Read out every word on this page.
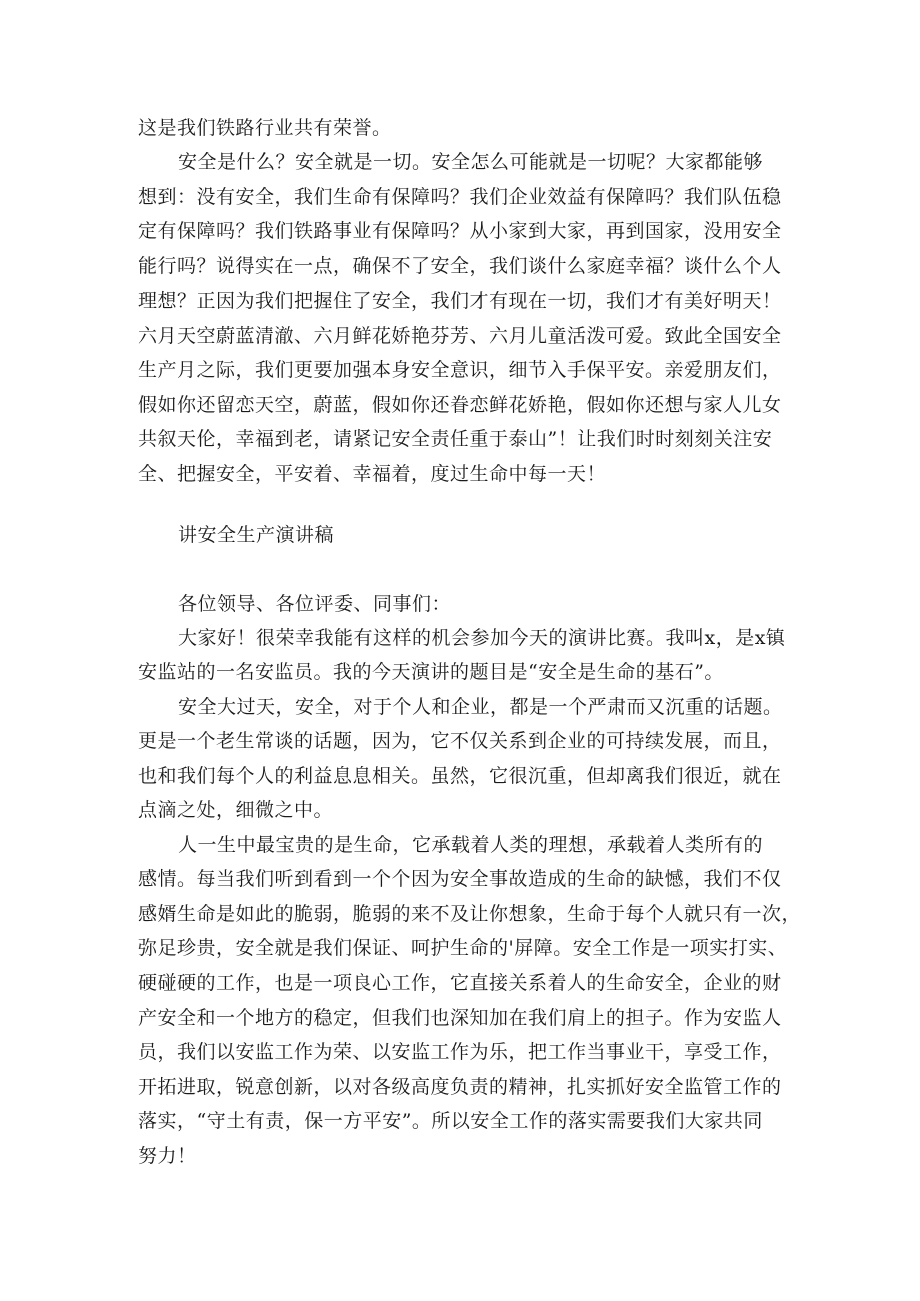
这是我们铁路行业共有荣誉。
安全是什么？安全就是一切。安全怎么可能就是一切呢？大家都能够
想到：没有安全，我们生命有保障吗？我们企业效益有保障吗？我们队伍稳
定有保障吗？我们铁路事业有保障吗？从小家到大家，再到国家，没用安全
能行吗？说得实在一点，确保不了安全，我们谈什么家庭幸福？谈什么个人
理想？正因为我们把握住了安全，我们才有现在一切，我们才有美好明天！
六月天空蔚蓝清澈、六月鲜花娇艳芬芳、六月儿童活泼可爱。致此全国安全
生产月之际，我们更要加强本身安全意识，细节入手保平安。亲爱朋友们，
假如你还留恋天空，蔚蓝，假如你还眷恋鲜花娇艳，假如你还想与家人儿女
共叙天伦，幸福到老，请紧记安全责任重于泰山”！让我们时时刻刻关注安
全、把握安全，平安着、幸福着，度过生命中每一天！
讲安全生产演讲稿
各位领导、各位评委、同事们：
大家好！很荣幸我能有这样的机会参加今天的演讲比赛。我叫x，是x镇
安监站的一名安监员。我的今天演讲的题目是“安全是生命的基石”。
安全大过天，安全，对于个人和企业，都是一个严肃而又沉重的话题。
更是一个老生常谈的话题，因为，它不仅关系到企业的可持续发展，而且，
也和我们每个人的利益息息相关。虽然，它很沉重，但却离我们很近，就在
点滴之处，细微之中。
人一生中最宝贵的是生命，它承载着人类的理想，承载着人类所有的
感情。每当我们听到看到一个个因为安全事故造成的生命的缺憾，我们不仅
感婿生命是如此的脆弱，脆弱的来不及让你想象，生命于每个人就只有一次，
弥足珍贵，安全就是我们保证、呵护生命的'屏障。安全工作是一项实打实、
硬碰硬的工作，也是一项良心工作，它直接关系着人的生命安全，企业的财
产安全和一个地方的稳定，但我们也深知加在我们肩上的担子。作为安监人
员，我们以安监工作为荣、以安监工作为乐，把工作当事业干，享受工作，
开拓进取，锐意创新，以对各级高度负责的精神，扎实抓好安全监管工作的
落实，“守土有责，保一方平安”。所以安全工作的落实需要我们大家共同
努力！
